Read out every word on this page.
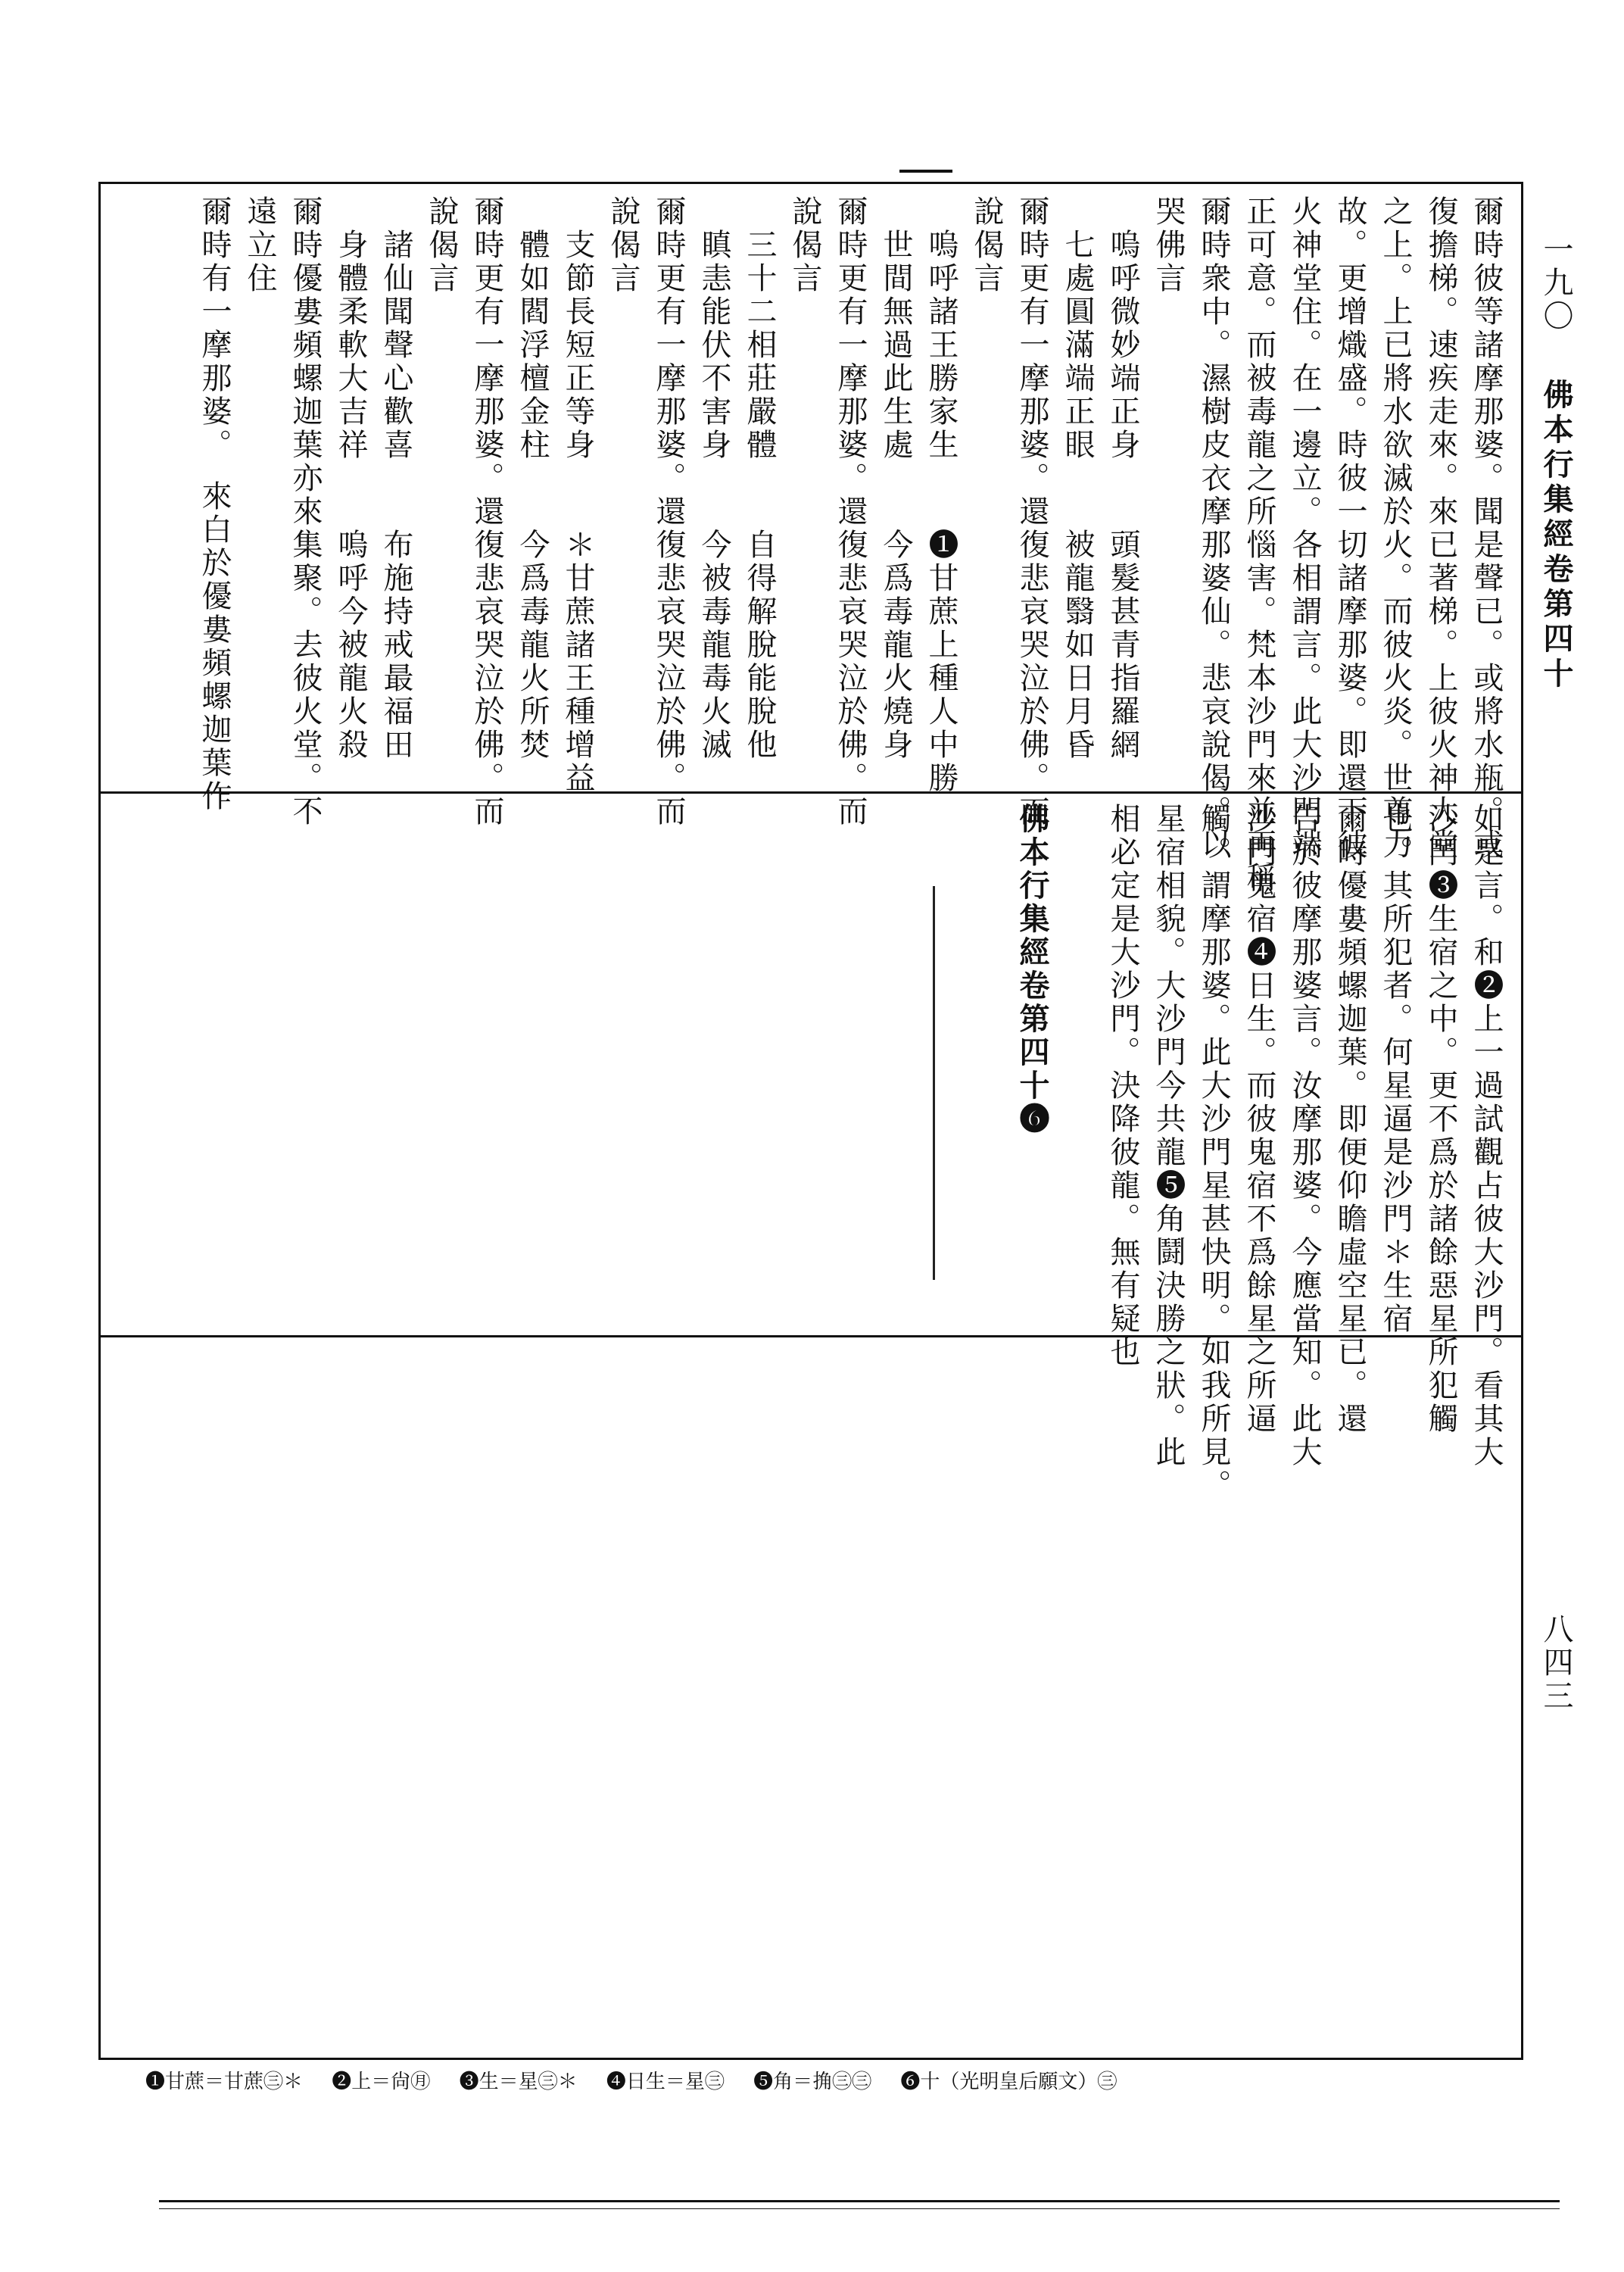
一九〇
佛本行集經卷第四十
八四三
爾時彼等諸摩那婆。聞是聲已。或將水瓶。或
復擔梯。速疾走來。來已著梯。上彼火神大堂
之上。上已將水欲滅於火。而彼火炎。世尊力
故。更增熾盛。時彼一切諸摩那婆。即還下彼
火神堂住。在一邊立。各相謂言。此大沙門端
正可意。而被毒龍之所惱害。梵本沙門來並再稱
爾時衆中。濕樹皮衣摩那婆仙。悲哀說偈。以
哭佛言
　嗚呼微妙端正身　　頭髮甚青指羅網
　七處圓滿端正眼　　被龍翳如日月昏
爾時更有一摩那婆。還復悲哀哭泣於佛。而
說偈言
　嗚呼諸王勝家生　　❶甘蔗上種人中勝
　世間無過此生處　　今爲毒龍火燒身
爾時更有一摩那婆。還復悲哀哭泣於佛。而
說偈言
　三十二相莊嚴體　　自得解脫能脫他
　瞋恚能伏不害身　　今被毒龍毒火滅
爾時更有一摩那婆。還復悲哀哭泣於佛。而
說偈言
　支節長短正等身　　＊甘蔗諸王種增益
　體如閻浮檀金柱　　今爲毒龍火所焚
爾時更有一摩那婆。還復悲哀哭泣於佛。而
說偈言
　諸仙聞聲心歡喜　　布施持戒最福田
　身體柔軟大吉祥　　嗚呼今被龍火殺
爾時優婁頻螺迦葉亦來集聚。去彼火堂。不
遠立住
爾時有一摩那婆。　來白於優婁頻螺迦葉作
如是言。和❷上一過試觀占彼大沙門。看其大
沙門❸生宿之中。更不爲於諸餘惡星所犯觸
也。其所犯者。何星逼是沙門＊生宿
爾時優婁頻螺迦葉。即便仰瞻虛空星已。還
告於彼摩那婆言。汝摩那婆。今應當知。此大
沙門鬼宿❹日生。而彼鬼宿不爲餘星之所逼
觸。謂摩那婆。此大沙門星甚快明。如我所見。
星宿相貌。大沙門今共龍❺角鬪決勝之狀。此
相必定是大沙門。決降彼龍。無有疑也
佛本行集經卷第四十❻
❶甘蔗＝甘蔗㊂＊ ❷上＝尙㊊ ❸生＝星㊂＊ ❹日生＝星㊂ ❺角＝捔㊂㊂ ❻十（光明皇后願文）㊂
